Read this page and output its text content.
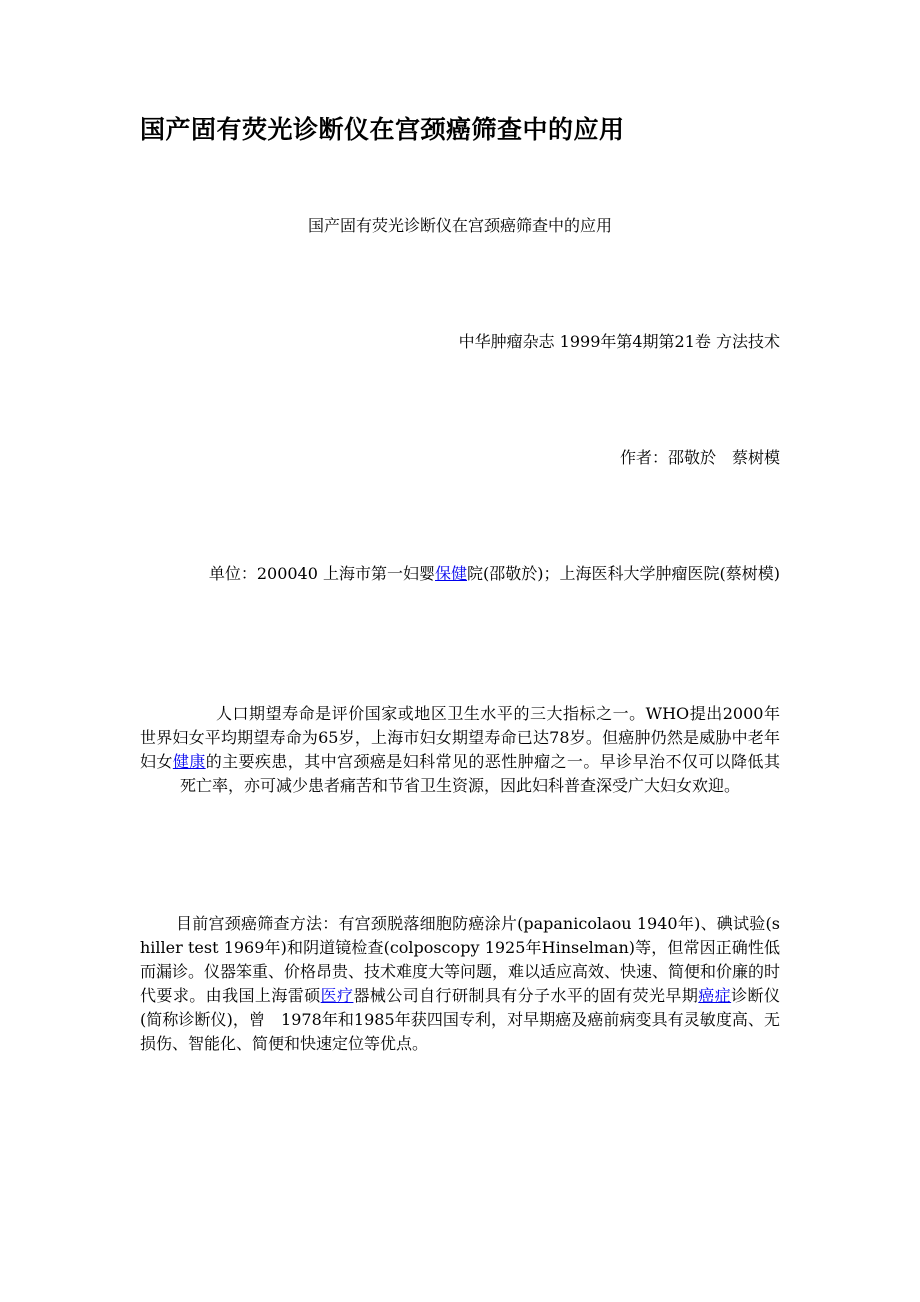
国产固有荧光诊断仪在宫颈癌筛查中的应用

国产固有荧光诊断仪在宫颈癌筛查中的应用

中华肿瘤杂志 1999年第4期第21卷 方法技术

作者：邵敬於　蔡树模

单位：200040 上海市第一妇婴保健院(邵敬於)；上海医科大学肿瘤医院(蔡树模)

人口期望寿命是评价国家或地区卫生水平的三大指标之一。WHO提出2000年世界妇女平均期望寿命为65岁，上海市妇女期望寿命已达78岁。但癌肿仍然是威胁中老年妇女健康的主要疾患，其中宫颈癌是妇科常见的恶性肿瘤之一。早诊早治不仅可以降低其死亡率，亦可减少患者痛苦和节省卫生资源，因此妇科普查深受广大妇女欢迎。

目前宫颈癌筛查方法：有宫颈脱落细胞防癌涂片(papanicolaou 1940年)、碘试验(shiller test 1969年)和阴道镜检查(colposcopy 1925年Hinselman)等，但常因正确性低而漏诊。仪器笨重、价格昂贵、技术难度大等问题，难以适应高效、快速、简便和价廉的时代要求。由我国上海雷硕医疗器械公司自行研制具有分子水平的固有荧光早期癌症诊断仪(简称诊断仪)，曾　1978年和1985年获四国专利，对早期癌及癌前病变具有灵敏度高、无损伤、智能化、简便和快速定位等优点。
